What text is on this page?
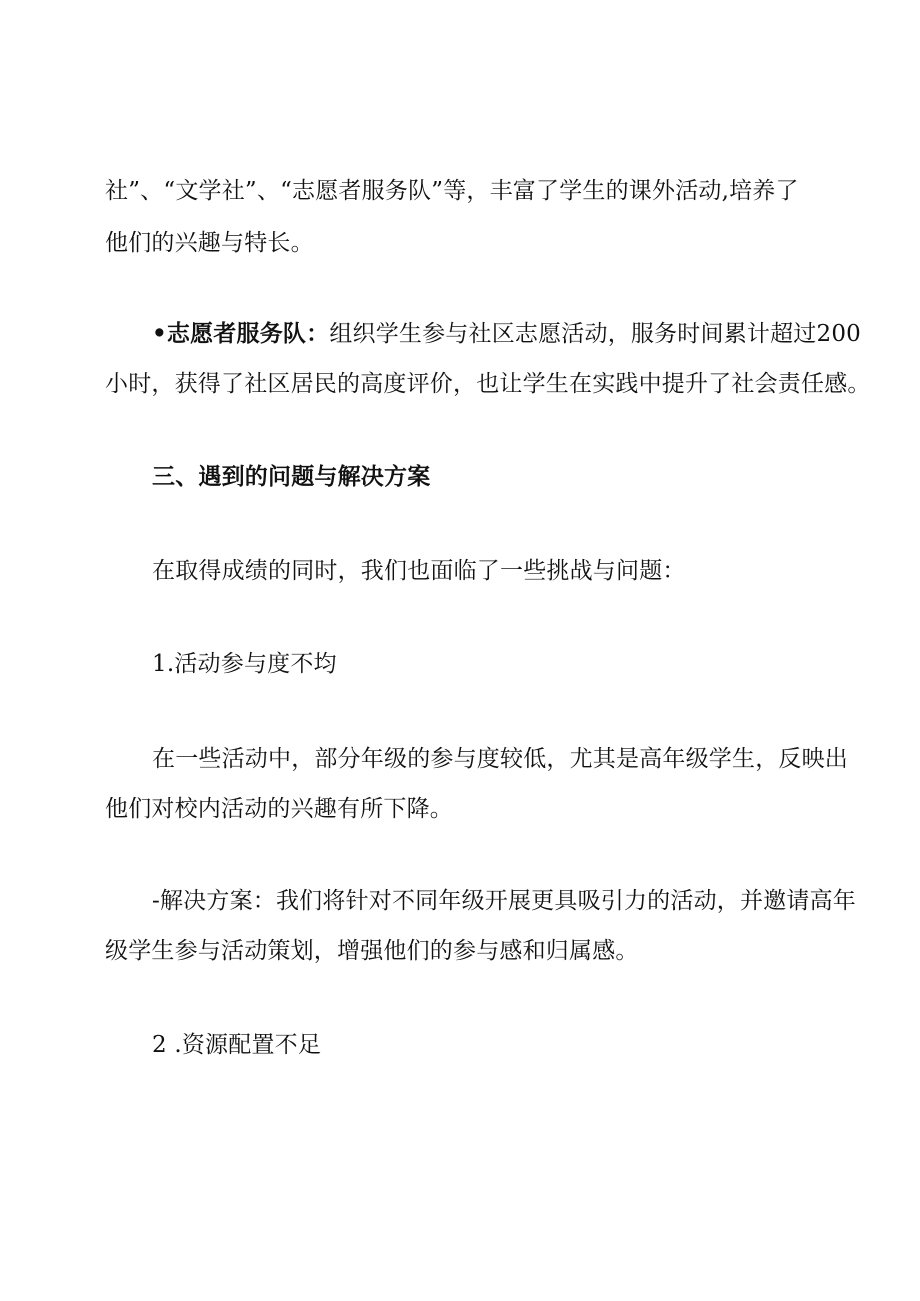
社”、“文学社”、“志愿者服务队”等，丰富了学生的课外活动,培养了
他们的兴趣与特长。
•志愿者服务队：组织学生参与社区志愿活动，服务时间累计超过200
小时，获得了社区居民的高度评价，也让学生在实践中提升了社会责任感。
三、遇到的问题与解决方案
在取得成绩的同时，我们也面临了一些挑战与问题：
1.活动参与度不均
在一些活动中，部分年级的参与度较低，尤其是高年级学生，反映出
他们对校内活动的兴趣有所下降。
-解决方案：我们将针对不同年级开展更具吸引力的活动，并邀请高年
级学生参与活动策划，增强他们的参与感和归属感。
2 .资源配置不足
